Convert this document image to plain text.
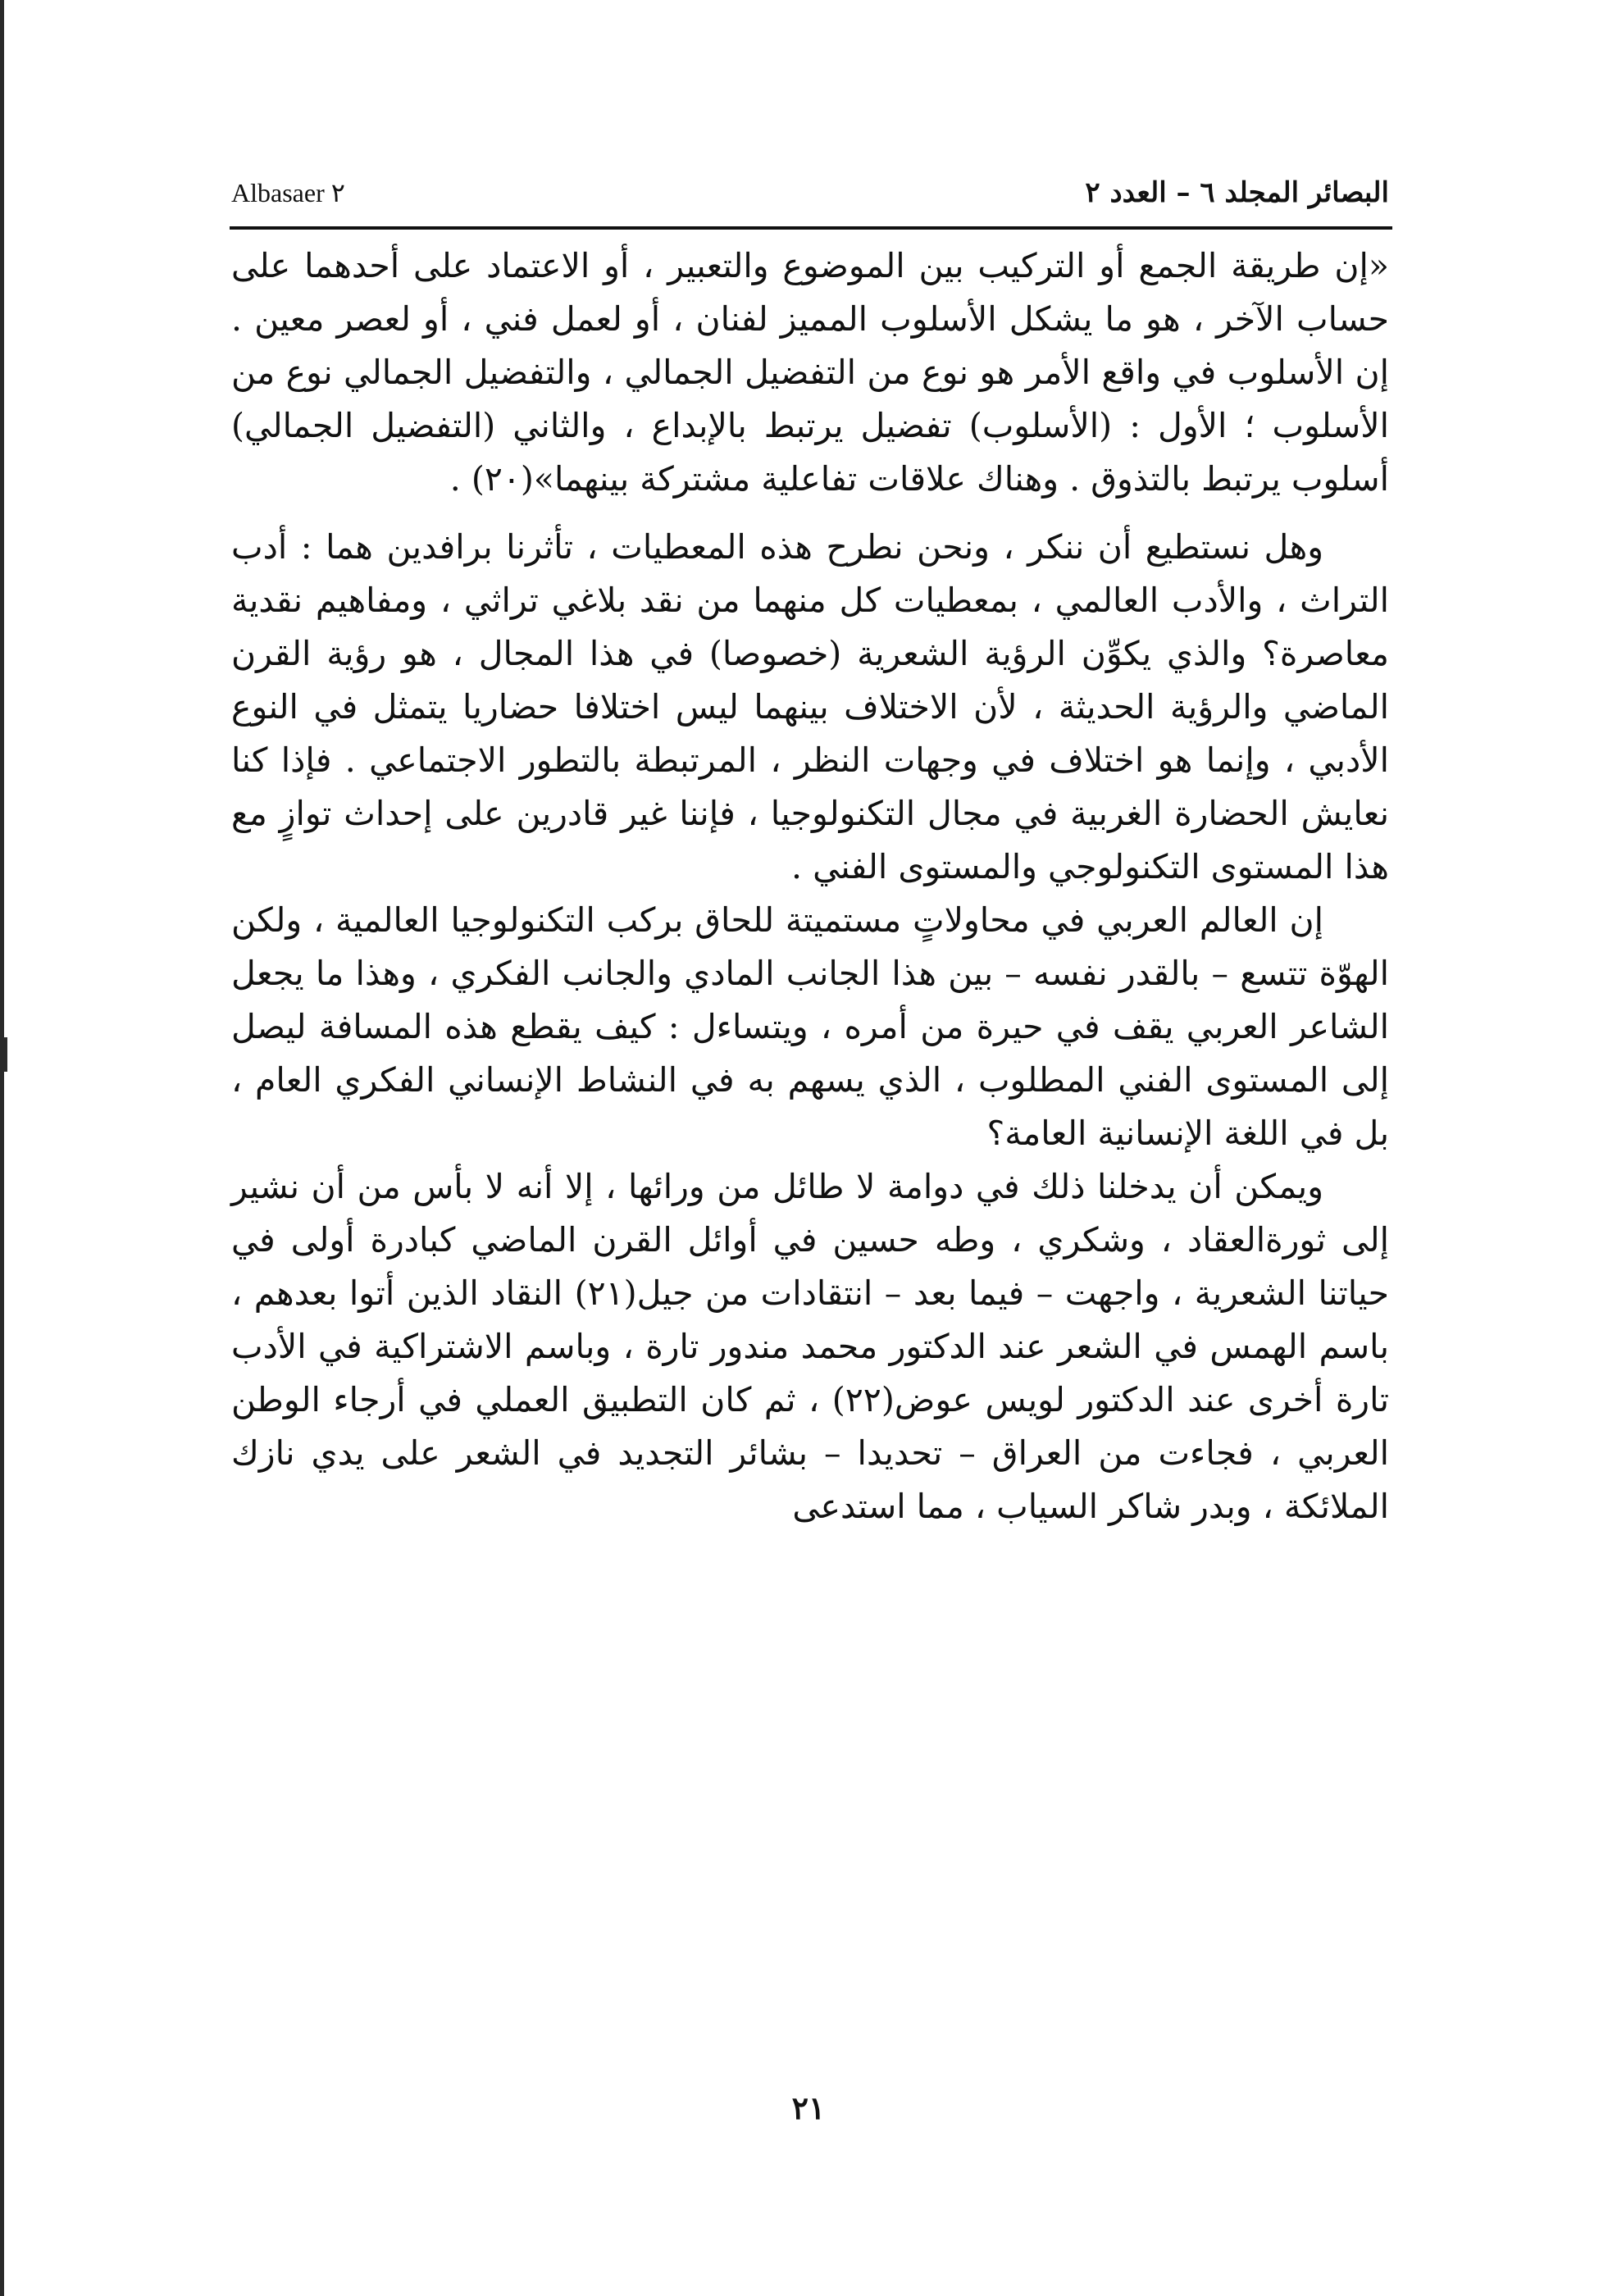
Albasaer ٢	البصائر المجلد ٦ – العدد ٢

«إن طريقة الجمع أو التركيب بين الموضوع والتعبير ، أو الاعتماد على أحدهما على حساب الآخر ، هو ما يشكل الأسلوب المميز لفنان ، أو لعمل فني ، أو لعصر معين . إن الأسلوب في واقع الأمر هو نوع من التفضيل الجمالي ، والتفضيل الجمالي نوع من الأسلوب ؛ الأول : (الأسلوب) تفضيل يرتبط بالإبداع ، والثاني (التفضيل الجمالي) أسلوب يرتبط بالتذوق . وهناك علاقات تفاعلية مشتركة بينهما»(٢٠) .

وهل نستطيع أن ننكر ، ونحن نطرح هذه المعطيات ، تأثرنا برافدين هما : أدب التراث ، والأدب العالمي ، بمعطيات كل منهما من نقد بلاغي تراثي ، ومفاهيم نقدية معاصرة؟ والذي يكوِّن الرؤية الشعرية (خصوصا) في هذا المجال ، هو رؤية القرن الماضي والرؤية الحديثة ، لأن الاختلاف بينهما ليس اختلافا حضاريا يتمثل في النوع الأدبي ، وإنما هو اختلاف في وجهات النظر ، المرتبطة بالتطور الاجتماعي . فإذا كنا نعايش الحضارة الغربية في مجال التكنولوجيا ، فإننا غير قادرين على إحداث توازٍ مع هذا المستوى التكنولوجي والمستوى الفني .

إن العالم العربي في محاولاتٍ مستميتة للحاق بركب التكنولوجيا العالمية ، ولكن الهوّة تتسع – بالقدر نفسه – بين هذا الجانب المادي والجانب الفكري ، وهذا ما يجعل الشاعر العربي يقف في حيرة من أمره ، ويتساءل : كيف يقطع هذه المسافة ليصل إلى المستوى الفني المطلوب ، الذي يسهم به في النشاط الإنساني الفكري العام ، بل في اللغة الإنسانية العامة؟

ويمكن أن يدخلنا ذلك في دوامة لا طائل من ورائها ، إلا أنه لا بأس من أن نشير إلى ثورةالعقاد ، وشكري ، وطه حسين في أوائل القرن الماضي كبادرة أولى في حياتنا الشعرية ، واجهت – فيما بعد – انتقادات من جيل(٢١) النقاد الذين أتوا بعدهم ، باسم الهمس في الشعر عند الدكتور محمد مندور تارة ، وباسم الاشتراكية في الأدب تارة أخرى عند الدكتور لويس عوض(٢٢) ، ثم كان التطبيق العملي في أرجاء الوطن العربي ، فجاءت من العراق – تحديدا – بشائر التجديد في الشعر على يدي نازك الملائكة ، وبدر شاكر السياب ، مما استدعى

٢١
